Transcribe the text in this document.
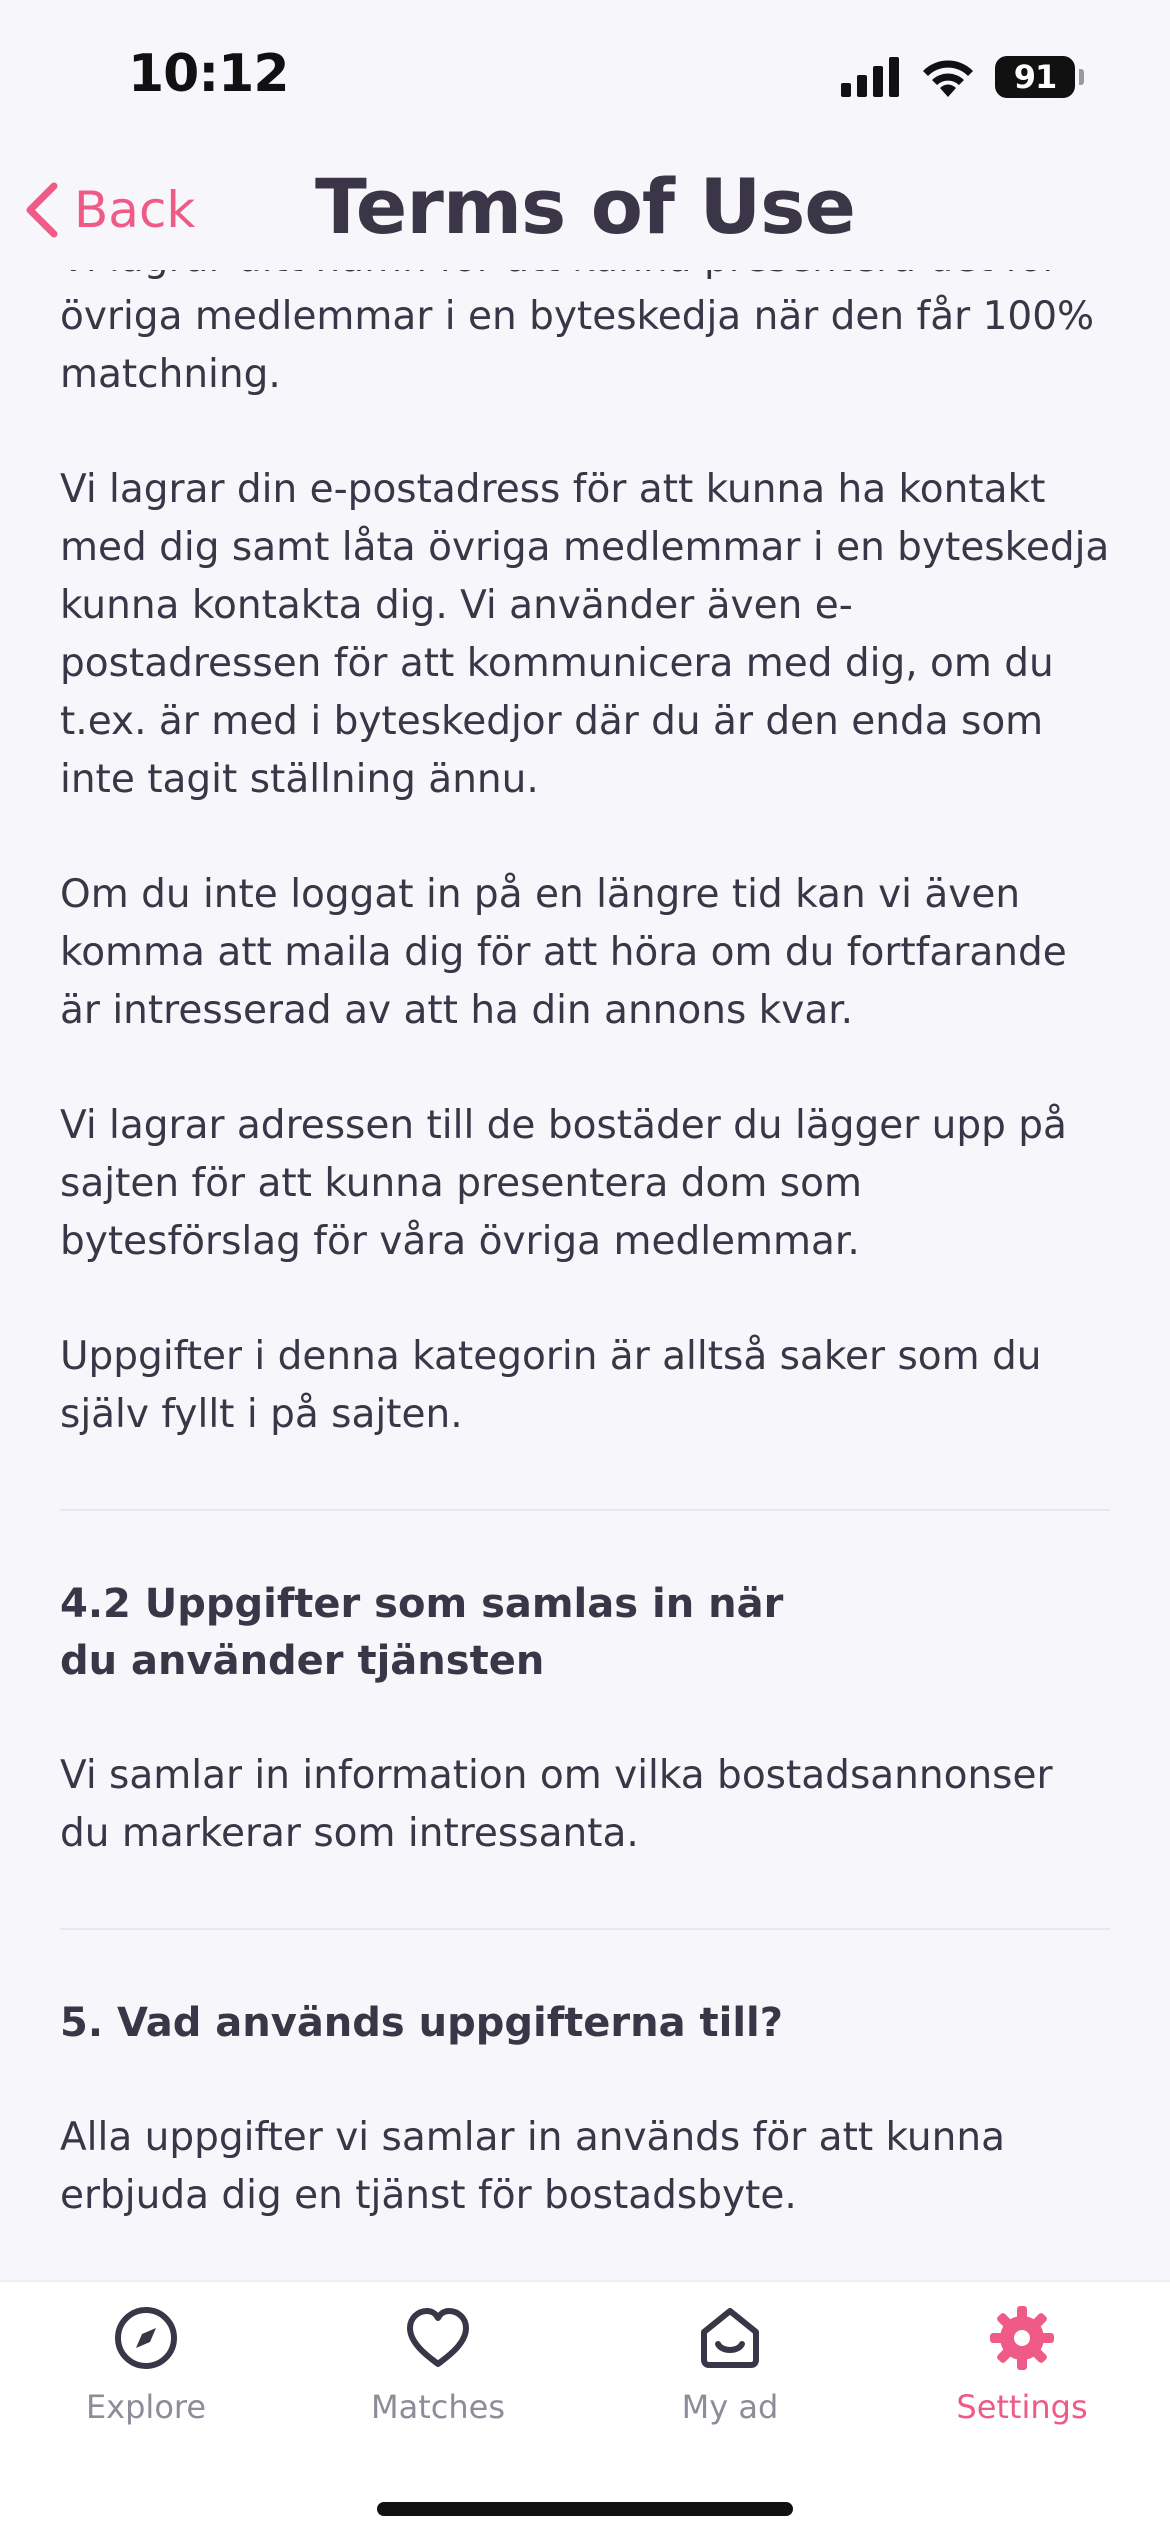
10:12	91
Terms of Use
Back

övriga medlemmar i en byteskedja när den får 100% matchning.

Vi lagrar din e-postadress för att kunna ha kontakt med dig samt låta övriga medlemmar i en byteskedja kunna kontakta dig. Vi använder även e-postadressen för att kommunicera med dig, om du t.ex. är med i byteskedjor där du är den enda som inte tagit ställning ännu.

Om du inte loggat in på en längre tid kan vi även komma att maila dig för att höra om du fortfarande är intresserad av att ha din annons kvar.

Vi lagrar adressen till de bostäder du lägger upp på sajten för att kunna presentera dom som bytesförslag för våra övriga medlemmar.

Uppgifter i denna kategorin är alltså saker som du själv fyllt i på sajten.

4.2 Uppgifter som samlas in när du använder tjänsten

Vi samlar in information om vilka bostadsannonser du markerar som intressanta.

5. Vad används uppgifterna till?

Alla uppgifter vi samlar in används för att kunna erbjuda dig en tjänst för bostadsbyte.

Explore	Matches	My ad	Settings
